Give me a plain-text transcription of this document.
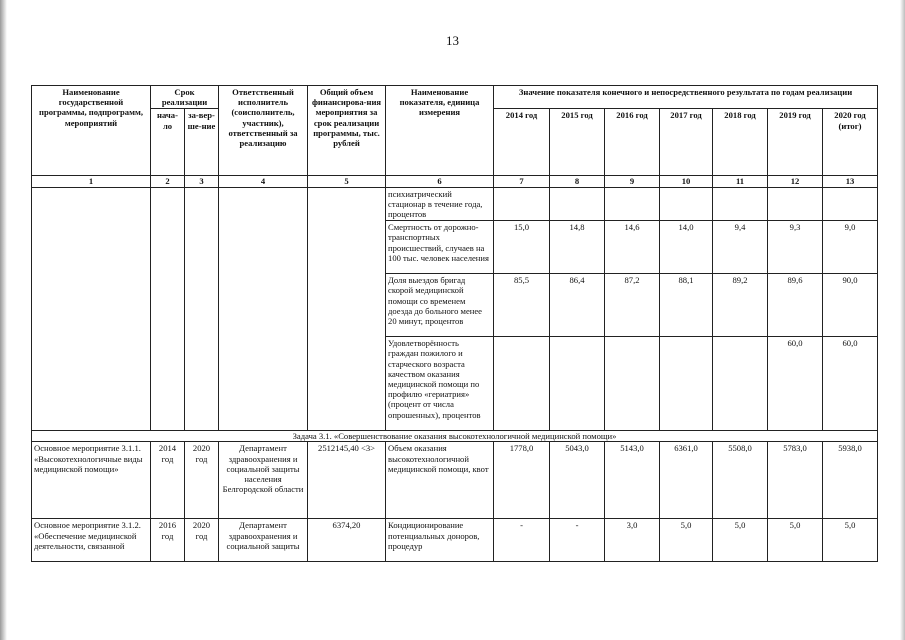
13
Наименование государственной программы, подпрограмм, мероприятий	Срок реализации		Ответственный исполнитель (соисполнитель, участник), ответственный за реализацию	Общий объем финансирова-ния мероприятия за срок реализации программы, тыс. рублей	Наименование показателя, единица измерения	Значение показателя конечного и непосредственного результата по годам реализации						
	нача-ло	за-вер-ше-ние				2014 год	2015 год	2016 год	2017 год	2018 год	2019 год	2020 год (итог)

1	2	3	4	5	6	7	8	9	10	11	12	13
					психиатрический стационар в течение года, процентов							
					Смертность от дорожно-транспортных происшествий, случаев на 100 тыс. человек населения	15,0	14,8	14,6	14,0	9,4	9,3	9,0
					Доля выездов бригад скорой медицинской помощи со временем доезда до больного менее 20 минут, процентов	85,5	86,4	87,2	88,1	89,2	89,6	90,0
					Удовлетворённость граждан пожилого и старческого возраста качеством оказания медицинской помощи по профилю «гериатрия» (процент от числа опрошенных), процентов						60,0	60,0
Задача 3.1. «Совершенствование оказания высокотехнологичной медицинской помощи»												
Основное мероприятие 3.1.1. «Высокотехнологичные виды медицинской помощи»	2014 год	2020 год	Департамент здравоохранения и социальной защиты населения Белгородской области	2512145,40 <3>	Объем оказания высокотехнологичной медицинской помощи, квот	1778,0	5043,0	5143,0	6361,0	5508,0	5783,0	5938,0
Основное мероприятие 3.1.2. «Обеспечение медицинской деятельности, связанной	2016 год	2020 год	Департамент здравоохранения и социальной защиты	6374,20	Кондиционирование потенциальных доноров, процедур	-	-	3,0	5,0	5,0	5,0	5,0
